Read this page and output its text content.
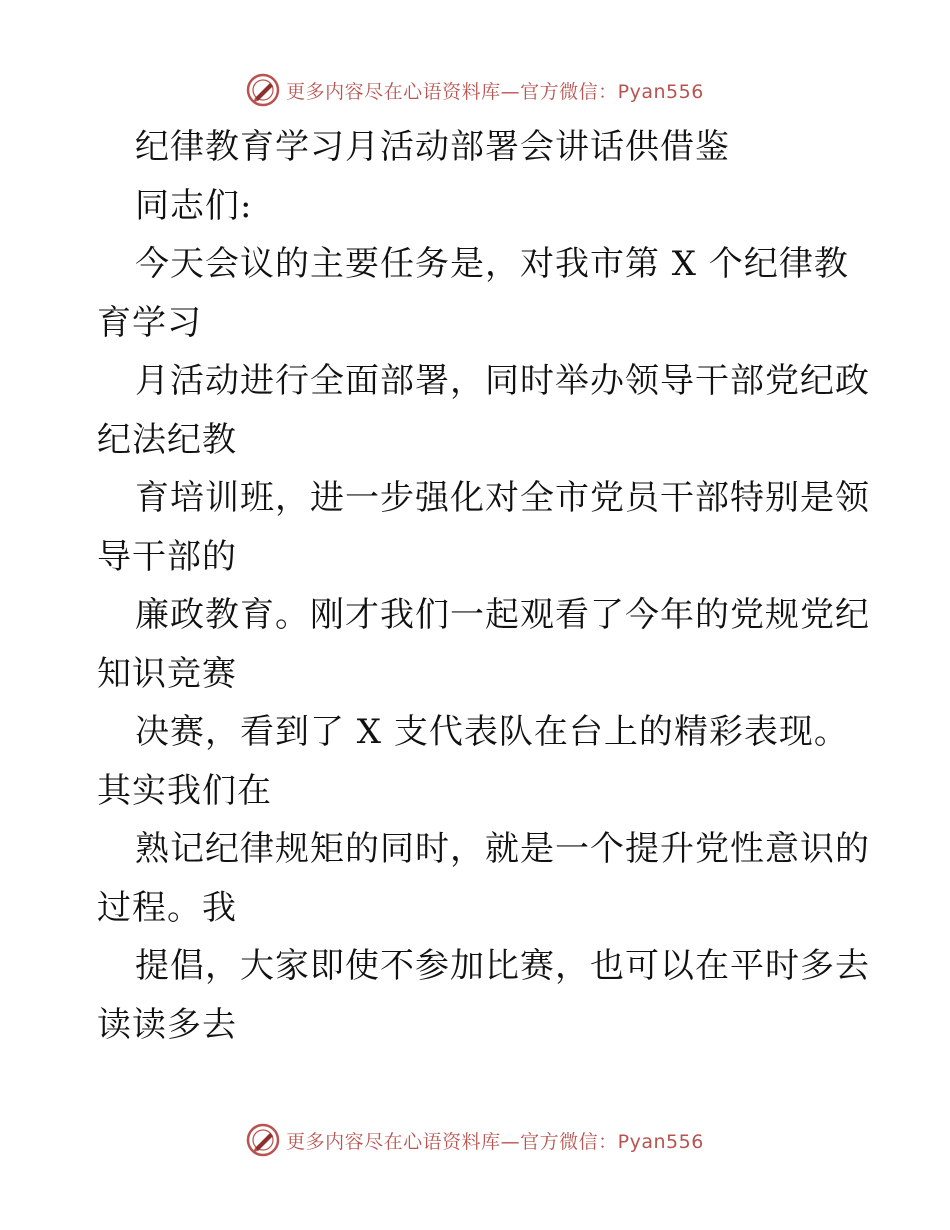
更多内容尽在心语资料库—官方微信：Pyan556
纪律教育学习月活动部署会讲话供借鉴
同志们:
今天会议的主要任务是，对我市第 X 个纪律教
育学习
月活动进行全面部署，同时举办领导干部党纪政
纪法纪教
育培训班，进一步强化对全市党员干部特别是领
导干部的
廉政教育。刚才我们一起观看了今年的党规党纪
知识竞赛
决赛，看到了 X 支代表队在台上的精彩表现。
其实我们在
熟记纪律规矩的同时，就是一个提升党性意识的
过程。我
提倡，大家即使不参加比赛，也可以在平时多去
读读多去
更多内容尽在心语资料库—官方微信：Pyan556
